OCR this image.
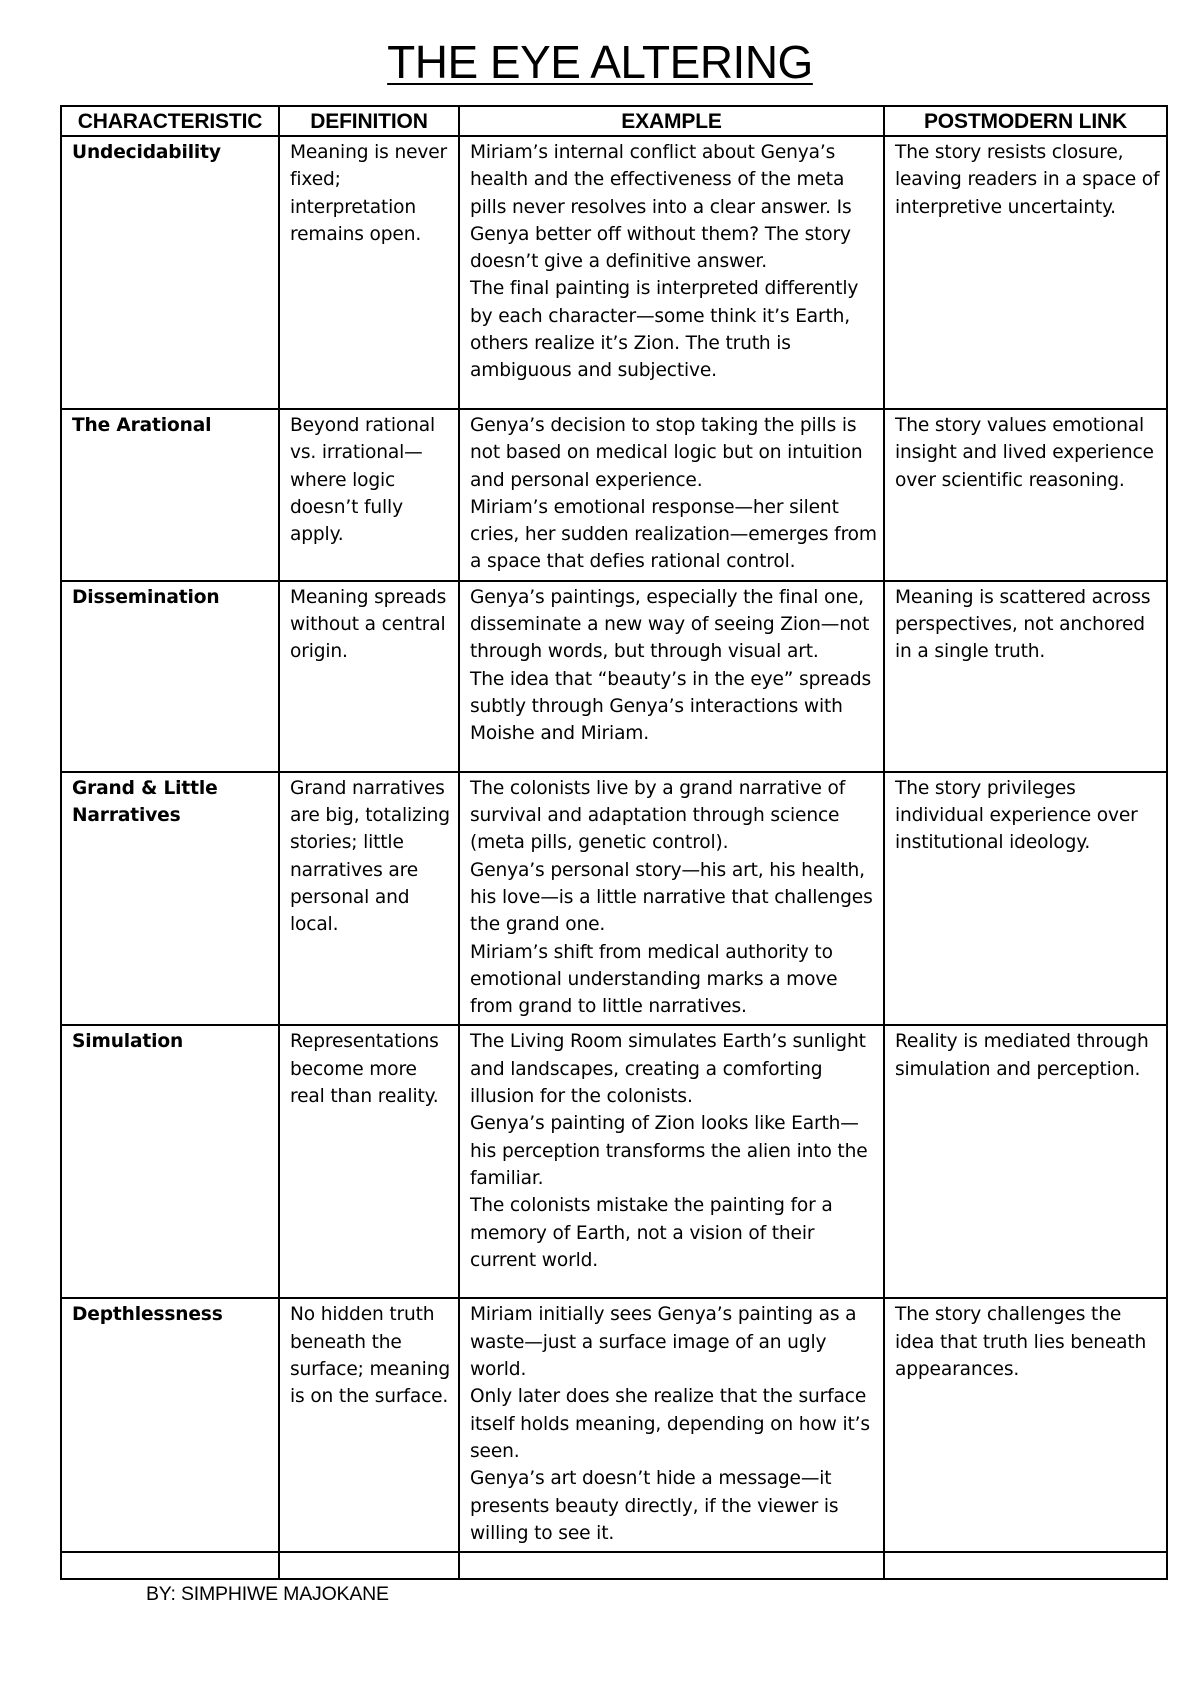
THE EYE ALTERING
CHARACTERISTIC	DEFINITION	EXAMPLE	POSTMODERN LINK
Undecidability	Meaning is never fixed; interpretation remains open.	Miriam’s internal conflict about Genya’s health and the effectiveness of the meta pills never resolves into a clear answer. Is Genya better off without them? The story doesn’t give a definitive answer.
The final painting is interpreted differently by each character—some think it’s Earth, others realize it’s Zion. The truth is ambiguous and subjective.	The story resists closure, leaving readers in a space of interpretive uncertainty.
The Arational	Beyond rational vs. irrational—where logic doesn’t fully apply.	Genya’s decision to stop taking the pills is not based on medical logic but on intuition and personal experience.
Miriam’s emotional response—her silent cries, her sudden realization—emerges from a space that defies rational control.	The story values emotional insight and lived experience over scientific reasoning.
Dissemination	Meaning spreads without a central origin.	Genya’s paintings, especially the final one, disseminate a new way of seeing Zion—not through words, but through visual art.
The idea that “beauty’s in the eye” spreads subtly through Genya’s interactions with Moishe and Miriam.	Meaning is scattered across perspectives, not anchored in a single truth.
Grand & Little Narratives	Grand narratives are big, totalizing stories; little narratives are personal and local.	The colonists live by a grand narrative of survival and adaptation through science (meta pills, genetic control).
Genya’s personal story—his art, his health, his love—is a little narrative that challenges the grand one.
Miriam’s shift from medical authority to emotional understanding marks a move from grand to little narratives.	The story privileges individual experience over institutional ideology.
Simulation	Representations become more real than reality.	The Living Room simulates Earth’s sunlight and landscapes, creating a comforting illusion for the colonists.
Genya’s painting of Zion looks like Earth—his perception transforms the alien into the familiar.
The colonists mistake the painting for a memory of Earth, not a vision of their current world.	Reality is mediated through simulation and perception.
Depthlessness	No hidden truth beneath the surface; meaning is on the surface.	Miriam initially sees Genya’s painting as a waste—just a surface image of an ugly world.
Only later does she realize that the surface itself holds meaning, depending on how it’s seen.
Genya’s art doesn’t hide a message—it presents beauty directly, if the viewer is willing to see it.	The story challenges the idea that truth lies beneath appearances.

BY: SIMPHIWE MAJOKANE
